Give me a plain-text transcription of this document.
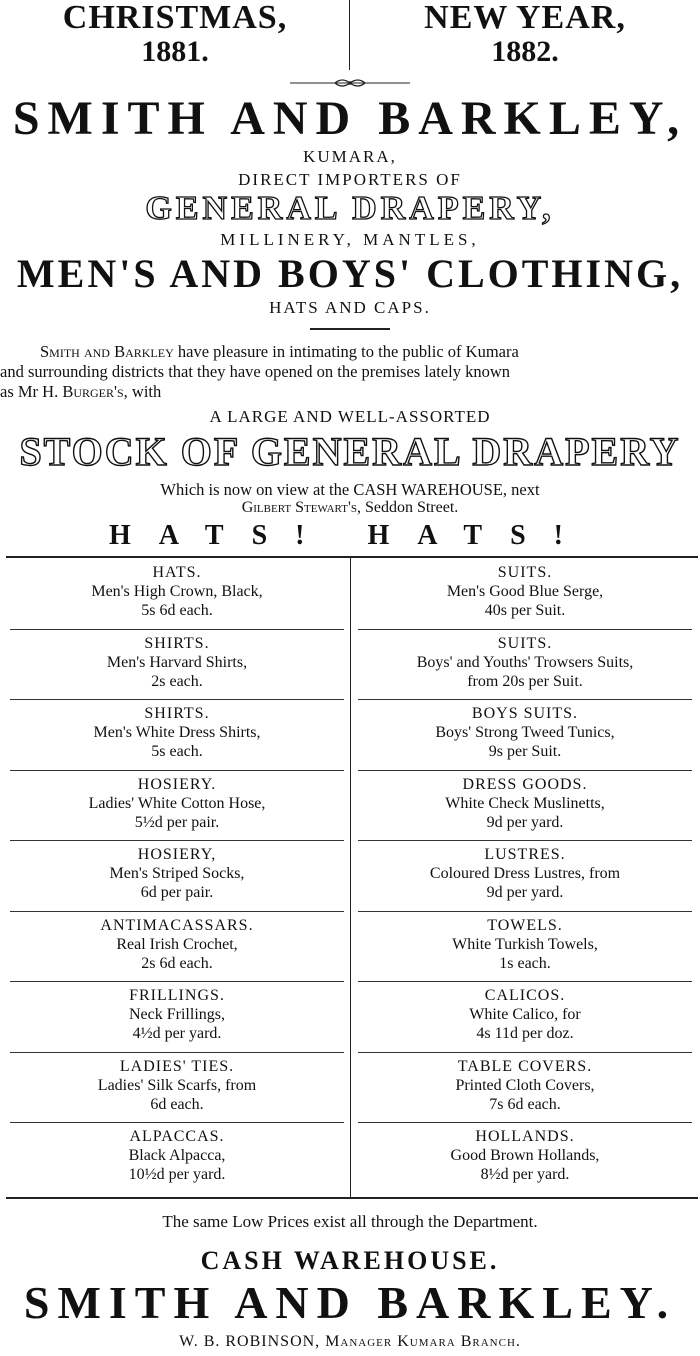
CHRISTMAS,
1881.
NEW YEAR,
1882.
SMITH AND BARKLEY,
KUMARA,
DIRECT IMPORTERS OF
GENERAL DRAPERY,
MILLINERY, MANTLES,
MEN'S AND BOYS' CLOTHING,
HATS AND CAPS.
Smith and Barkley have pleasure in intimating to the public of Kumara
and surrounding districts that they have opened on the premises lately known
as Mr H. Burger's, with
A LARGE AND WELL-ASSORTED
STOCK OF GENERAL DRAPERY
Which is now on view at the CASH WAREHOUSE, next
Gilbert Stewart's, Seddon Street.
HATS! HATS!
HATS.
Men's High Crown, Black,
5s 6d each.
SHIRTS.
Men's Harvard Shirts,
2s each.
SHIRTS.
Men's White Dress Shirts,
5s each.
HOSIERY.
Ladies' White Cotton Hose,
5½d per pair.
HOSIERY,
Men's Striped Socks,
6d per pair.
ANTIMACASSARS.
Real Irish Crochet,
2s 6d each.
FRILLINGS.
Neck Frillings,
4½d per yard.
LADIES' TIES.
Ladies' Silk Scarfs, from
6d each.
ALPACCAS.
Black Alpacca,
10½d per yard.
SUITS.
Men's Good Blue Serge,
40s per Suit.
SUITS.
Boys' and Youths' Trowsers Suits,
from 20s per Suit.
BOYS SUITS.
Boys' Strong Tweed Tunics,
9s per Suit.
DRESS GOODS.
White Check Muslinetts,
9d per yard.
LUSTRES.
Coloured Dress Lustres, from
9d per yard.
TOWELS.
White Turkish Towels,
1s each.
CALICOS.
White Calico, for
4s 11d per doz.
TABLE COVERS.
Printed Cloth Covers,
7s 6d each.
HOLLANDS.
Good Brown Hollands,
8½d per yard.
The same Low Prices exist all through the Department.
CASH WAREHOUSE.
SMITH AND BARKLEY.
W. B. ROBINSON, Manager Kumara Branch.
